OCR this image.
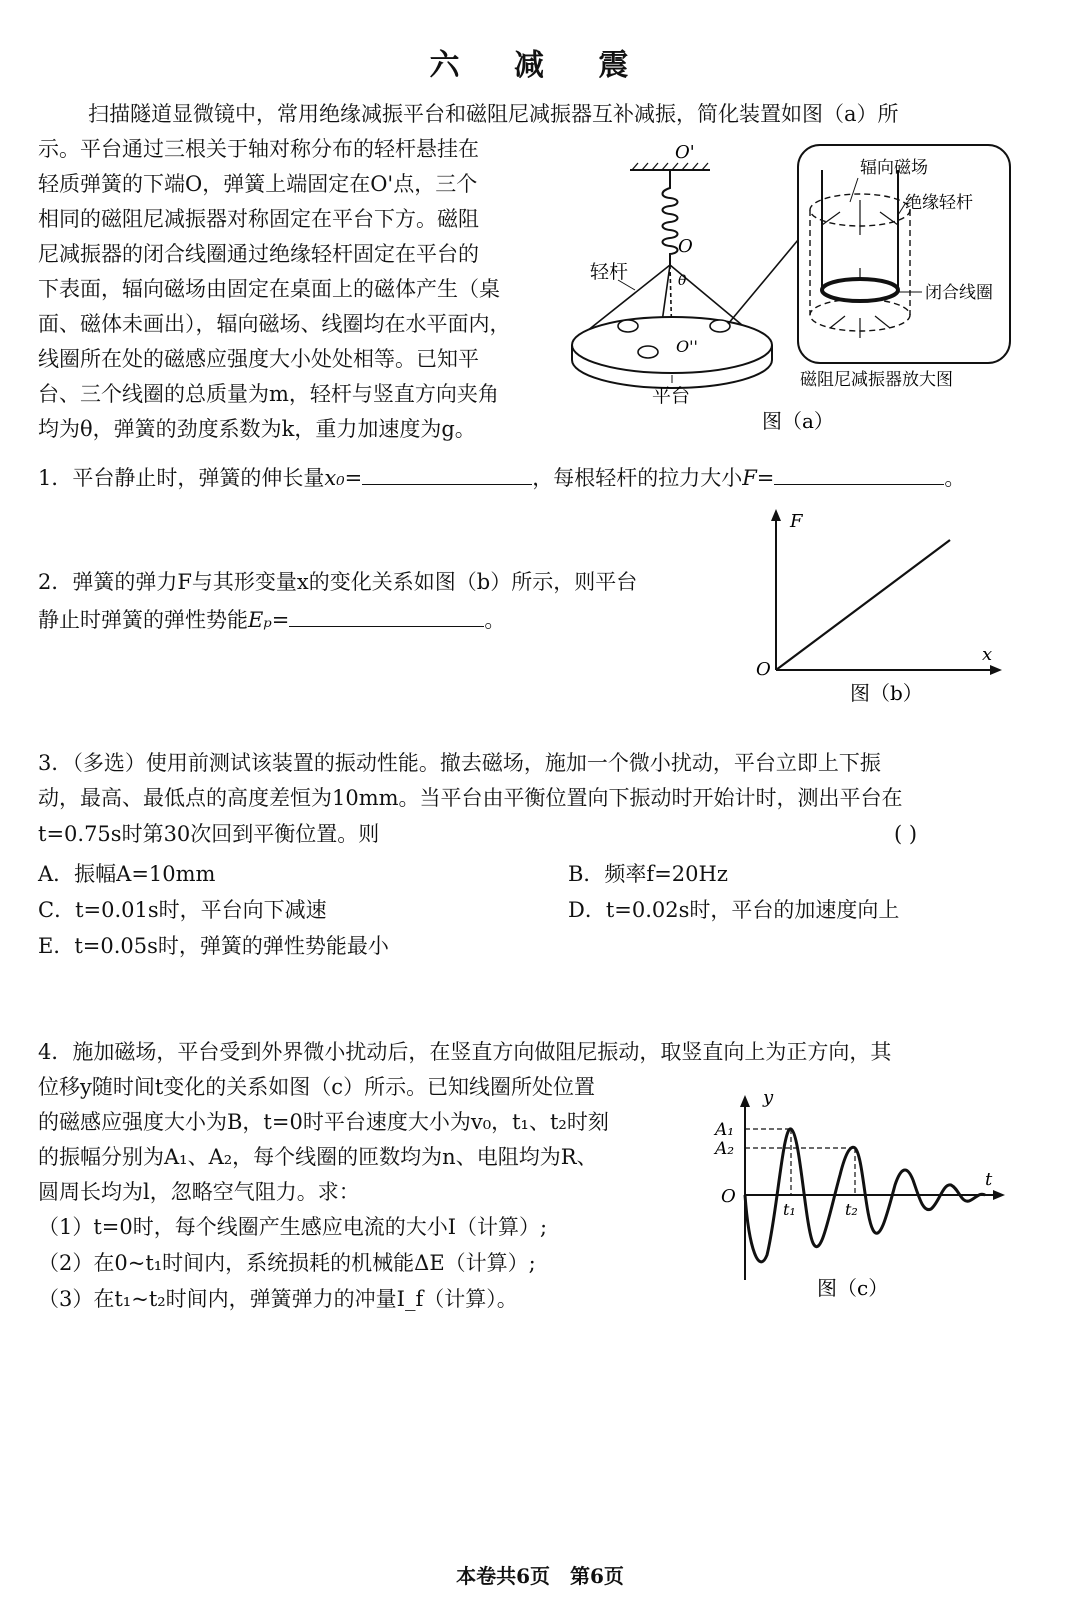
六 减 震
扫描隧道显微镜中，常用绝缘减振平台和磁阻尼减振器互补减振，简化装置如图（a）所
示。平台通过三根关于轴对称分布的轻杆悬挂在
轻质弹簧的下端O，弹簧上端固定在O'点，三个
相同的磁阻尼减振器对称固定在平台下方。磁阻
尼减振器的闭合线圈通过绝缘轻杆固定在平台的
下表面，辐向磁场由固定在桌面上的磁体产生（桌
面、磁体未画出），辐向磁场、线圈均在水平面内，
线圈所在处的磁感应强度大小处处相等。已知平
台、三个线圈的总质量为m，轻杆与竖直方向夹角
均为θ，弹簧的劲度系数为k，重力加速度为g。
O'
O
θ
轻杆
O''
平台
辐向磁场
绝缘轻杆
闭合线圈
磁阻尼减振器放大图
图（a）
1．平台静止时，弹簧的伸长量x₀=	，每根轻杆的拉力大小F=	。
2．弹簧的弹力F与其形变量x的变化关系如图（b）所示，则平台
静止时弹簧的弹性势能Eₚ=	。
F
x
O
图（b）
3．（多选）使用前测试该装置的振动性能。撤去磁场，施加一个微小扰动，平台立即上下振
动，最高、最低点的高度差恒为10mm。当平台由平衡位置向下振动时开始计时，测出平台在
t=0.75s时第30次回到平衡位置。则	( )
A．振幅A=10mm	B．频率f=20Hz
C．t=0.01s时，平台向下减速	D．t=0.02s时，平台的加速度向上
E．t=0.05s时，弹簧的弹性势能最小
4．施加磁场，平台受到外界微小扰动后，在竖直方向做阻尼振动，取竖直向上为正方向，其
位移y随时间t变化的关系如图（c）所示。已知线圈所处位置
的磁感应强度大小为B，t=0时平台速度大小为v₀，t₁、t₂时刻
的振幅分别为A₁、A₂，每个线圈的匝数均为n、电阻均为R、
圆周长均为l，忽略空气阻力。求：
（1）t=0时，每个线圈产生感应电流的大小I（计算）;
（2）在0~t₁时间内，系统损耗的机械能ΔE（计算）;
（3）在t₁~t₂时间内，弹簧弹力的冲量I_f（计算）。
y
t
O
A₁
A₂
t₁	t₂
图（c）
本卷共6页　第6页
